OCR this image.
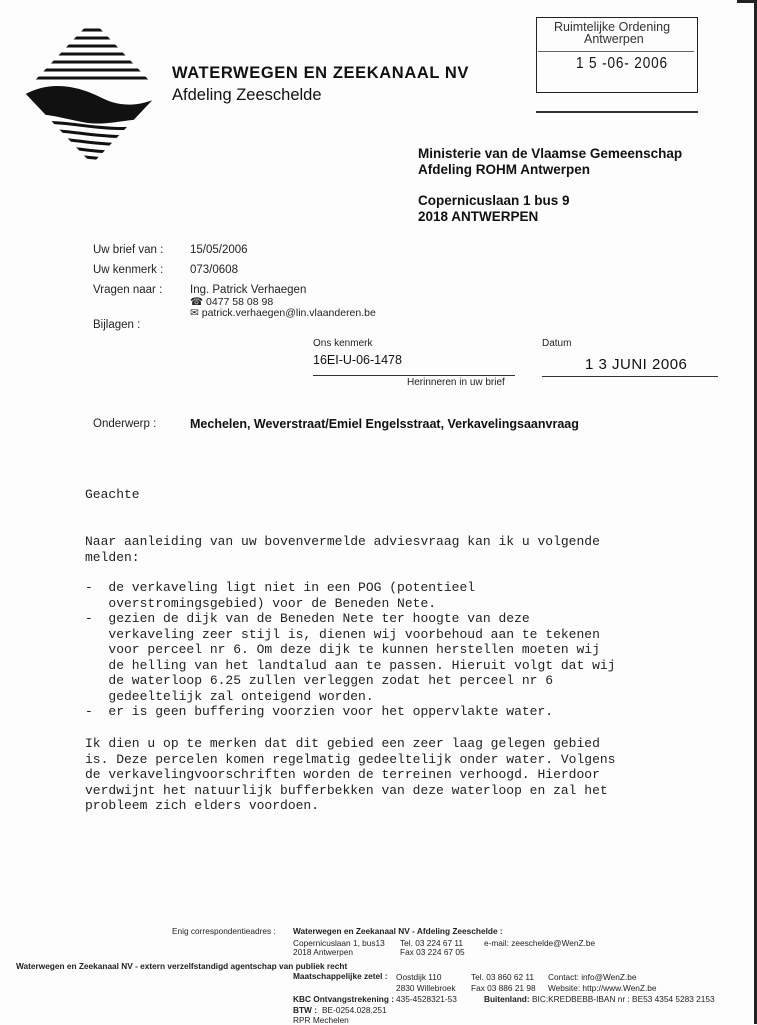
WATERWEGEN EN ZEEKANAAL NV
Afdeling Zeeschelde
Ruimtelijke Ordening
Antwerpen
1 5 -06- 2006
Ministerie van de Vlaamse Gemeenschap
Afdeling ROHM Antwerpen
Copernicuslaan 1 bus 9
2018 ANTWERPEN
Uw brief van : 15/05/2006
Uw kenmerk : 073/0608
Vragen naar : Ing. Patrick Verhaegen
☎ 0477 58 08 98
✉ patrick.verhaegen@lin.vlaanderen.be
Bijlagen :
Ons kenmerk
16EI-U-06-1478
Herinneren in uw brief
Datum
1 3 JUNI 2006
Onderwerp :	Mechelen, Weverstraat/Emiel Engelsstraat, Verkavelingsaanvraag
Geachte
Naar aanleiding van uw bovenvermelde adviesvraag kan ik u volgende
melden:
-  de verkaveling ligt niet in een POG (potentieel
overstromingsgebied) voor de Beneden Nete.
-  gezien de dijk van de Beneden Nete ter hoogte van deze
verkaveling zeer stijl is, dienen wij voorbehoud aan te tekenen
voor perceel nr 6. Om deze dijk te kunnen herstellen moeten wij
de helling van het landtalud aan te passen. Hieruit volgt dat wij
de waterloop 6.25 zullen verleggen zodat het perceel nr 6
gedeeltelijk zal onteigend worden.
-  er is geen buffering voorzien voor het oppervlakte water.
Ik dien u op te merken dat dit gebied een zeer laag gelegen gebied
is. Deze percelen komen regelmatig gedeeltelijk onder water. Volgens
de verkavelingvoorschriften worden de terreinen verhoogd. Hierdoor
verdwijnt het natuurlijk bufferbekken van deze waterloop en zal het
probleem zich elders voordoen.
Enig correspondentieadres : Waterwegen en Zeekanaal NV - Afdeling Zeeschelde :
Copernicuslaan 1, bus13
2018 Antwerpen
Tel. 03 224 67 11
Fax 03 224 67 05
e-mail: zeeschelde@WenZ.be
Waterwegen en Zeekanaal NV - extern verzelfstandigd agentschap van publiek recht
Maatschappelijke zetel : Oostdijk 110
2830 Willebroek
Tel. 03 860 62 11
Fax 03 886 21 98
Contact: info@WenZ.be
Website: http://www.WenZ.be
KBC Ontvangstrekening : 435-4528321-53	Buitenland: BIC:KREDBEBB-IBAN nr : BE53 4354 5283 2153
BTW : BE-0254.028.251
RPR Mechelen
